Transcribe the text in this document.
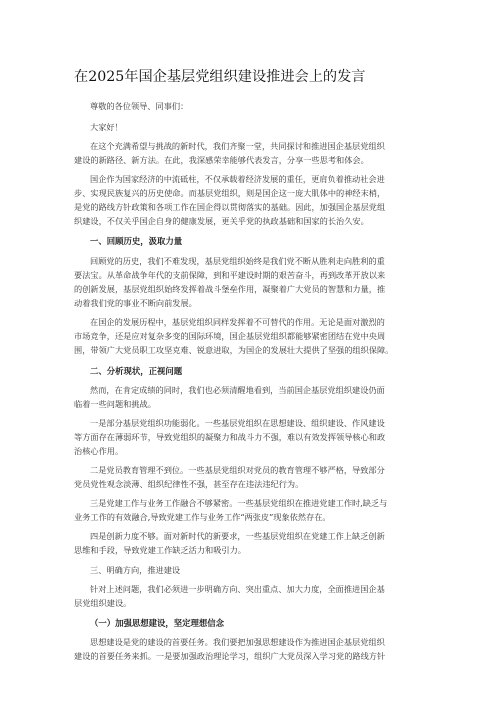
在2025年国企基层党组织建设推进会上的发言
尊敬的各位领导、同事们：
大家好！
在这个充满希望与挑战的新时代，我们齐聚一堂，共同探讨和推进国企基层党组织
建设的新路径、新方法。在此，我深感荣幸能够代表发言，分享一些思考和体会。
国企作为国家经济的中流砥柱，不仅承载着经济发展的重任，更肩负着推动社会进
步、实现民族复兴的历史使命。而基层党组织，则是国企这一庞大肌体中的神经末梢，
是党的路线方针政策和各项工作在国企得以贯彻落实的基础。因此，加强国企基层党组
织建设，不仅关乎国企自身的健康发展，更关乎党的执政基础和国家的长治久安。
一、回顾历史，汲取力量
回顾党的历史，我们不难发现，基层党组织始终是我们党不断从胜利走向胜利的重
要法宝。从革命战争年代的支前保障，到和平建设时期的艰苦奋斗，再到改革开放以来
的创新发展，基层党组织始终发挥着战斗堡垒作用，凝聚着广大党员的智慧和力量，推
动着我们党的事业不断向前发展。
在国企的发展历程中，基层党组织同样发挥着不可替代的作用。无论是面对激烈的
市场竞争，还是应对复杂多变的国际环境，国企基层党组织都能够紧密团结在党中央周
围，带领广大党员职工攻坚克难、锐意进取，为国企的发展壮大提供了坚强的组织保障。
二、分析现状，正视问题
然而，在肯定成绩的同时，我们也必须清醒地看到，当前国企基层党组织建设仍面
临着一些问题和挑战。
一是部分基层党组织功能弱化。一些基层党组织在思想建设、组织建设、作风建设
等方面存在薄弱环节，导致党组织的凝聚力和战斗力不强，难以有效发挥领导核心和政
治核心作用。
二是党员教育管理不到位。一些基层党组织对党员的教育管理不够严格，导致部分
党员党性观念淡薄、组织纪律性不强，甚至存在违法违纪行为。
三是党建工作与业务工作融合不够紧密。一些基层党组织在推进党建工作时,缺乏与
业务工作的有效融合,导致党建工作与业务工作“两张皮”现象依然存在。
四是创新力度不够。面对新时代的新要求，一些基层党组织在党建工作上缺乏创新
思维和手段，导致党建工作缺乏活力和吸引力。
三、明确方向，推进建设
针对上述问题，我们必须进一步明确方向、突出重点、加大力度，全面推进国企基
层党组织建设。
（一）加强思想建设，坚定理想信念
思想建设是党的建设的首要任务。我们要把加强思想建设作为推进国企基层党组织
建设的首要任务来抓。一是要加强政治理论学习，组织广大党员深入学习党的路线方针
